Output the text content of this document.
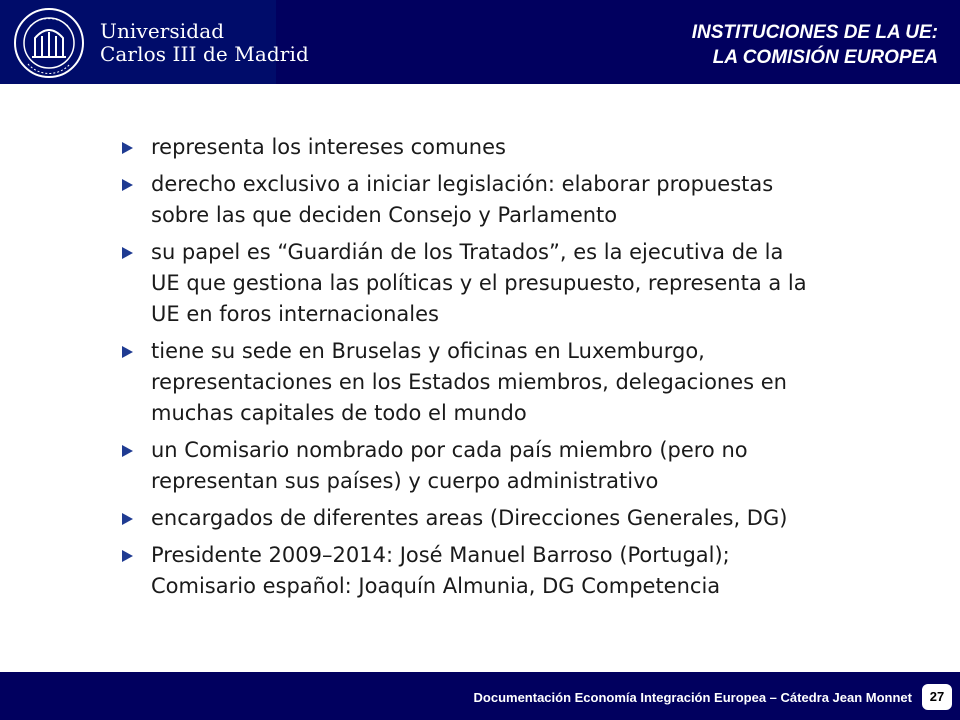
Universidad
Carlos III de Madrid
INSTITUCIONES DE LA UE:
LA COMISIÓN EUROPEA
representa los intereses comunes
derecho exclusivo a iniciar legislación: elaborar propuestas
sobre las que deciden Consejo y Parlamento
su papel es “Guardián de los Tratados”, es la ejecutiva de la
UE que gestiona las políticas y el presupuesto, representa a la
UE en foros internacionales
tiene su sede en Bruselas y oficinas en Luxemburgo,
representaciones en los Estados miembros, delegaciones en
muchas capitales de todo el mundo
un Comisario nombrado por cada país miembro (pero no
representan sus países) y cuerpo administrativo
encargados de diferentes areas (Direcciones Generales, DG)
Presidente 2009–2014: José Manuel Barroso (Portugal);
Comisario español: Joaquín Almunia, DG Competencia
Documentación Economía Integración Europea – Cátedra Jean Monnet	27
